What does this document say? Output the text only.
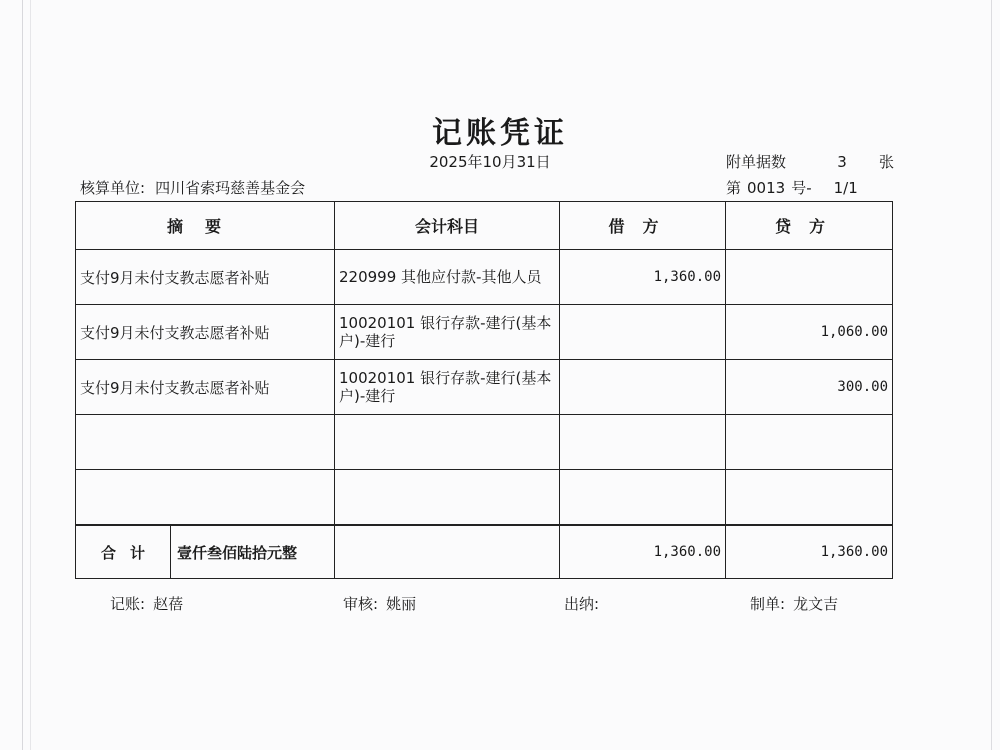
记账凭证
2025年10月31日	附单据数	3 张
核算单位: 四川省索玛慈善基金会	第 0013 号- 1/1
摘要	会计科目	借方	贷方
支付9月未付支教志愿者补贴	220999 其他应付款-其他人员	1,360.00	
支付9月未付支教志愿者补贴	10020101 银行存款-建行(基本户)-建行		1,060.00
支付9月未付支教志愿者补贴	10020101 银行存款-建行(基本户)-建行		300.00

合计 壹仟叁佰陆拾元整		1,360.00	1,360.00
记账: 赵蓓	审核: 姚丽	出纳:	制单: 龙文吉
